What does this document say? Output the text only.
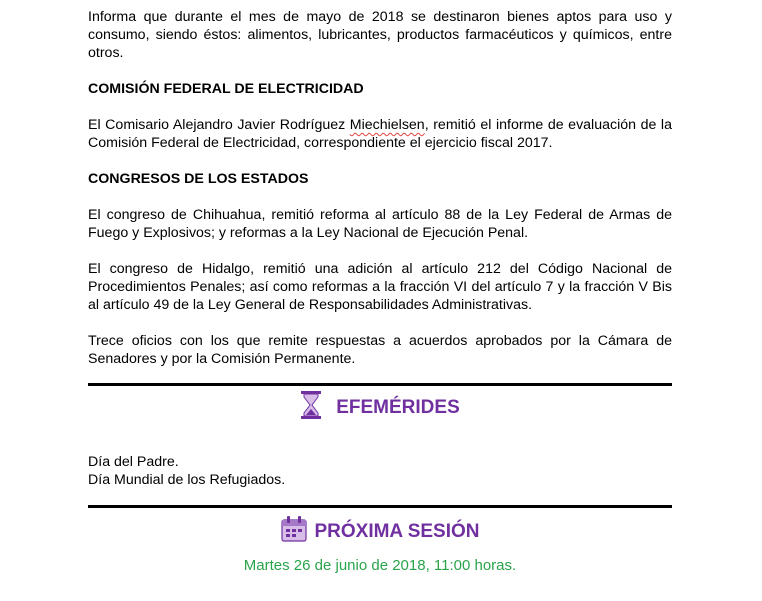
Informa que durante el mes de mayo de 2018 se destinaron bienes aptos para uso y consumo, siendo éstos: alimentos, lubricantes, productos farmacéuticos y químicos, entre otros.

COMISIÓN FEDERAL DE ELECTRICIDAD

El Comisario Alejandro Javier Rodríguez Miechielsen, remitió el informe de evaluación de la Comisión Federal de Electricidad, correspondiente el ejercicio fiscal 2017.

CONGRESOS DE LOS ESTADOS

El congreso de Chihuahua, remitió reforma al artículo 88 de la Ley Federal de Armas de Fuego y Explosivos; y reformas a la Ley Nacional de Ejecución Penal.

El congreso de Hidalgo, remitió una adición al artículo 212 del Código Nacional de Procedimientos Penales; así como reformas a la fracción VI del artículo 7 y la fracción V Bis al artículo 49 de la Ley General de Responsabilidades Administrativas.

Trece oficios con los que remite respuestas a acuerdos aprobados por la Cámara de Senadores y por la Comisión Permanente.

EFEMÉRIDES
Día del Padre.
Día Mundial de los Refugiados.
PRÓXIMA SESIÓN
Martes 26 de junio de 2018, 11:00 horas.
